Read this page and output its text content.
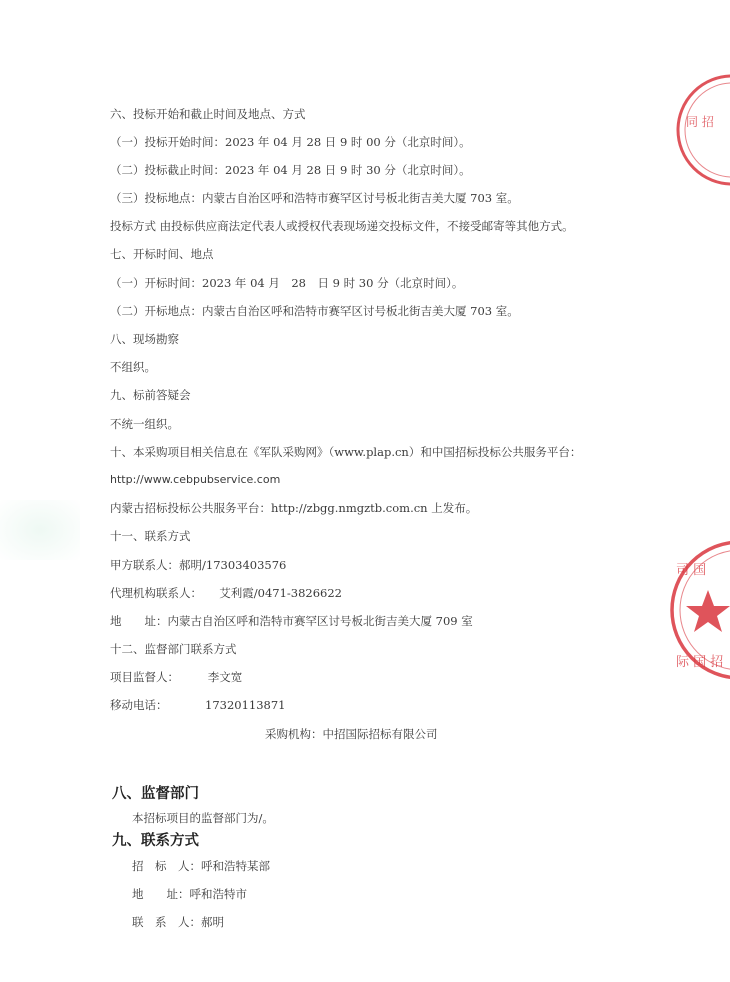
同 招
司 国
际 国 招
六、投标开始和截止时间及地点、方式
（一）投标开始时间：2023 年 04 月 28 日 9 时 00 分（北京时间）。
（二）投标截止时间：2023 年 04 月 28 日 9 时 30 分（北京时间）。
（三）投标地点：内蒙古自治区呼和浩特市赛罕区讨号板北街吉美大厦 703 室。
投标方式 由投标供应商法定代表人或授权代表现场递交投标文件，不接受邮寄等其他方式。
七、开标时间、地点
（一）开标时间：2023 年 04 月　28　日 9 时 30 分（北京时间）。
（二）开标地点：内蒙古自治区呼和浩特市赛罕区讨号板北街吉美大厦 703 室。
八、现场勘察
不组织。
九、标前答疑会
不统一组织。
十、本采购项目相关信息在《军队采购网》（www.plap.cn）和中国招标投标公共服务平台：
http://www.cebpubservice.com
内蒙古招标投标公共服务平台：http://zbgg.nmgztb.com.cn 上发布。
十一、联系方式
甲方联系人：郝明/17303403576
代理机构联系人：　　艾利霞/0471-3826622
地　　址：内蒙古自治区呼和浩特市赛罕区讨号板北街吉美大厦 709 室
十二、监督部门联系方式
项目监督人：　　　李文宽
移动电话：	17320113871
采购机构：中招国际招标有限公司
八、监督部门
本招标项目的监督部门为/。
九、联系方式
招　标　人：呼和浩特某部
地　　址：呼和浩特市
联　系　人：郝明
